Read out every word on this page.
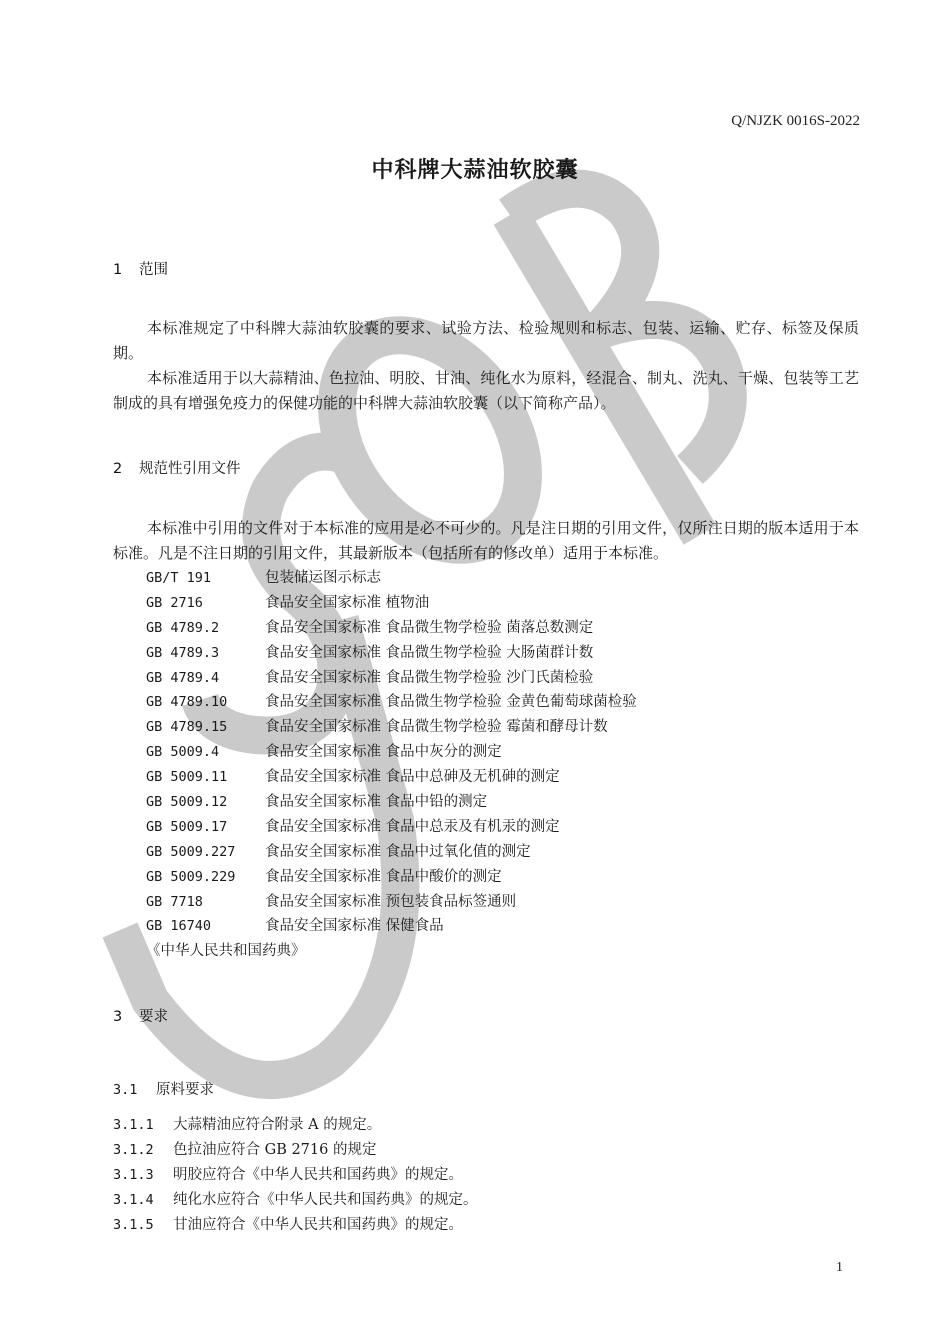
Q/NJZK 0016S-2022
中科牌大蒜油软胶囊
1 范围

本标准规定了中科牌大蒜油软胶囊的要求、试验方法、检验规则和标志、包装、运输、贮存、标签及保质期。

本标准适用于以大蒜精油、色拉油、明胶、甘油、纯化水为原料，经混合、制丸、洗丸、干燥、包装等工艺制成的具有增强免疫力的保健功能的中科牌大蒜油软胶囊（以下简称产品）。

2 规范性引用文件

本标准中引用的文件对于本标准的应用是必不可少的。凡是注日期的引用文件，仅所注日期的版本适用于本标准。凡是不注日期的引用文件，其最新版本（包括所有的修改单）适用于本标准。

GB/T 191	包装储运图示标志
GB 2716	食品安全国家标准 植物油
GB 4789.2	食品安全国家标准 食品微生物学检验 菌落总数测定
GB 4789.3	食品安全国家标准 食品微生物学检验 大肠菌群计数
GB 4789.4	食品安全国家标准 食品微生物学检验 沙门氏菌检验
GB 4789.10	食品安全国家标准 食品微生物学检验 金黄色葡萄球菌检验
GB 4789.15	食品安全国家标准 食品微生物学检验 霉菌和酵母计数
GB 5009.4	食品安全国家标准 食品中灰分的测定
GB 5009.11	食品安全国家标准 食品中总砷及无机砷的测定
GB 5009.12	食品安全国家标准 食品中铅的测定
GB 5009.17	食品安全国家标准 食品中总汞及有机汞的测定
GB 5009.227 食品安全国家标准 食品中过氧化值的测定
GB 5009.229 食品安全国家标准 食品中酸价的测定
GB 7718	食品安全国家标准 预包装食品标签通则
GB 16740	食品安全国家标准 保健食品
《中华人民共和国药典》
3 要求
3.1 原料要求
3.1.1 大蒜精油应符合附录 A 的规定。
3.1.2 色拉油应符合 GB 2716 的规定
3.1.3 明胶应符合《中华人民共和国药典》的规定。
3.1.4 纯化水应符合《中华人民共和国药典》的规定。
3.1.5 甘油应符合《中华人民共和国药典》的规定。
1
